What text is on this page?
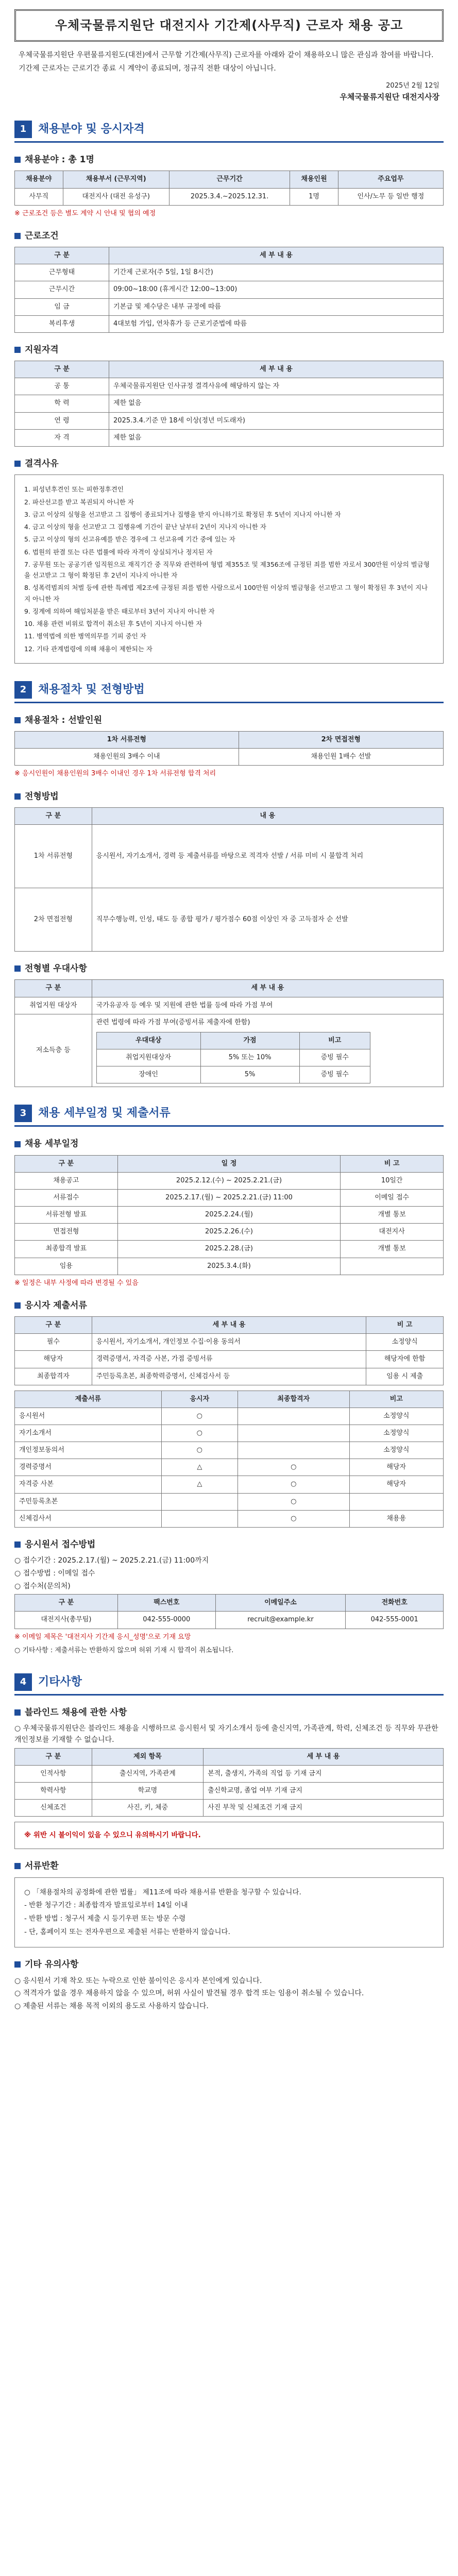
우체국물류지원단 대전지사 기간제(사무직) 근로자 채용 공고

우체국물류지원단 우편물류지원도(대전)에서 근무할 기간제(사무직) 근로자를 아래와 같이 채용하오니 많은 관심과 참여를 바랍니다.

기간제 근로자는 근로기간 종료 시 계약이 종료되며, 정규직 전환 대상이 아닙니다.

2025년 2월 12일
우체국물류지원단 대전지사장
1	채용분야 및 응시자격
채용분야 : 총 1명
채용분야	채용부서 (근무지역)	근무기간	채용인원	주요업무
사무직	대전지사 (대전 유성구)	2025.3.4.~2025.12.31.	1명	인사/노무 등 일반 행정
※ 근로조건 등은 별도 계약 시 안내 및 협의 예정
근로조건
구 분	세 부 내 용
근무형태	기간제 근로자(주 5일, 1일 8시간)
근무시간	09:00~18:00 (휴게시간 12:00~13:00)
임 금	기본급 및 제수당은 내부 규정에 따름
복리후생	4대보험 가입, 연차휴가 등 근로기준법에 따름
지원자격
구 분	세 부 내 용
공 통	우체국물류지원단 인사규정 결격사유에 해당하지 않는 자
학 력	제한 없음
연 령	2025.3.4.기준 만 18세 이상(정년 미도래자)
자 격	제한 없음
결격사유

1. 피성년후견인 또는 피한정후견인

2. 파산선고를 받고 복권되지 아니한 자

3. 금고 이상의 실형을 선고받고 그 집행이 종료되거나 집행을 받지 아니하기로 확정된 후 5년이 지나지 아니한 자

4. 금고 이상의 형을 선고받고 그 집행유예 기간이 끝난 날부터 2년이 지나지 아니한 자

5. 금고 이상의 형의 선고유예를 받은 경우에 그 선고유예 기간 중에 있는 자

6. 법원의 판결 또는 다른 법률에 따라 자격이 상실되거나 정지된 자

7. 공무원 또는 공공기관 임직원으로 재직기간 중 직무와 관련하여 형법 제355조 및 제356조에 규정된 죄를 범한 자로서 300만원 이상의 벌금형을 선고받고 그 형이 확정된 후 2년이 지나지 아니한 자

8. 성폭력범죄의 처벌 등에 관한 특례법 제2조에 규정된 죄를 범한 사람으로서 100만원 이상의 벌금형을 선고받고 그 형이 확정된 후 3년이 지나지 아니한 자

9. 징계에 의하여 해임처분을 받은 때로부터 3년이 지나지 아니한 자

10. 채용 관련 비위로 합격이 취소된 후 5년이 지나지 아니한 자

11. 병역법에 의한 병역의무를 기피 중인 자

12. 기타 관계법령에 의해 채용이 제한되는 자

2	채용절차 및 전형방법
채용절차 : 선발인원
1차 서류전형	2차 면접전형
채용인원의 3배수 이내	채용인원 1배수 선발
※ 응시인원이 채용인원의 3배수 이내인 경우 1차 서류전형 합격 처리
전형방법
구 분	내 용
1차 서류전형	응시원서, 자기소개서, 경력 등 제출서류를 바탕으로 적격자 선발 / 서류 미비 시 불합격 처리
2차 면접전형	직무수행능력, 인성, 태도 등 종합 평가 / 평가점수 60점 이상인 자 중 고득점자 순 선발
전형별 우대사항
구 분	세 부 내 용
취업지원 대상자	국가유공자 등 예우 및 지원에 관한 법률 등에 따라 가점 부여
저소득층 등	
관련 법령에 따라 가점 부여(증빙서류 제출자에 한함)
우대대상	가점	비고
취업지원대상자	5% 또는 10%	증빙 필수
장애인	5%	증빙 필수
3	채용 세부일정 및 제출서류
채용 세부일정
구 분	일 정	비 고
채용공고	2025.2.12.(수) ~ 2025.2.21.(금)	10일간
서류접수	2025.2.17.(월) ~ 2025.2.21.(금) 11:00	이메일 접수
서류전형 발표	2025.2.24.(월)	개별 통보
면접전형	2025.2.26.(수)	대전지사
최종합격 발표	2025.2.28.(금)	개별 통보
임용	2025.3.4.(화)	
※ 일정은 내부 사정에 따라 변경될 수 있음
응시자 제출서류
구 분	세 부 내 용	비 고
필수	응시원서, 자기소개서, 개인정보 수집·이용 동의서	소정양식
해당자	경력증명서, 자격증 사본, 가점 증빙서류	해당자에 한함
최종합격자	주민등록초본, 최종학력증명서, 신체검사서 등	임용 시 제출
제출서류	응시자	최종합격자	비고
응시원서	○		소정양식
자기소개서	○		소정양식
개인정보동의서	○		소정양식
경력증명서	△	○	해당자
자격증 사본	△	○	해당자
주민등록초본		○	
신체검사서		○	채용용
응시원서 접수방법
○ 접수기간 : 2025.2.17.(월) ~ 2025.2.21.(금) 11:00까지
○ 접수방법 : 이메일 접수
○ 접수처(문의처)
구 분	팩스번호	이메일주소	전화번호
대전지사(총무팀)	042-555-0000	recruit@example.kr	042-555-0001
※ 이메일 제목은 '대전지사 기간제 응시_성명'으로 기재 요망
○ 기타사항 : 제출서류는 반환하지 않으며 허위 기재 시 합격이 취소됩니다.
4	기타사항
블라인드 채용에 관한 사항
○ 우체국물류지원단은 블라인드 채용을 시행하므로 응시원서 및 자기소개서 등에 출신지역, 가족관계, 학력, 신체조건 등 직무와 무관한 개인정보를 기재할 수 없습니다.
구 분	제외 항목	세 부 내 용
인적사항	출신지역, 가족관계	본적, 출생지, 가족의 직업 등 기재 금지
학력사항	학교명	출신학교명, 졸업 여부 기재 금지
신체조건	사진, 키, 체중	사진 부착 및 신체조건 기재 금지
※ 위반 시 불이익이 있을 수 있으니 유의하시기 바랍니다.
서류반환

○ 「채용절차의 공정화에 관한 법률」 제11조에 따라 채용서류 반환을 청구할 수 있습니다.

- 반환 청구기간 : 최종합격자 발표일로부터 14일 이내

- 반환 방법 : 청구서 제출 시 등기우편 또는 방문 수령

- 단, 홈페이지 또는 전자우편으로 제출된 서류는 반환하지 않습니다.

기타 유의사항
○ 응시원서 기재 착오 또는 누락으로 인한 불이익은 응시자 본인에게 있습니다.
○ 적격자가 없을 경우 채용하지 않을 수 있으며, 허위 사실이 발견될 경우 합격 또는 임용이 취소될 수 있습니다.
○ 제출된 서류는 채용 목적 이외의 용도로 사용하지 않습니다.
